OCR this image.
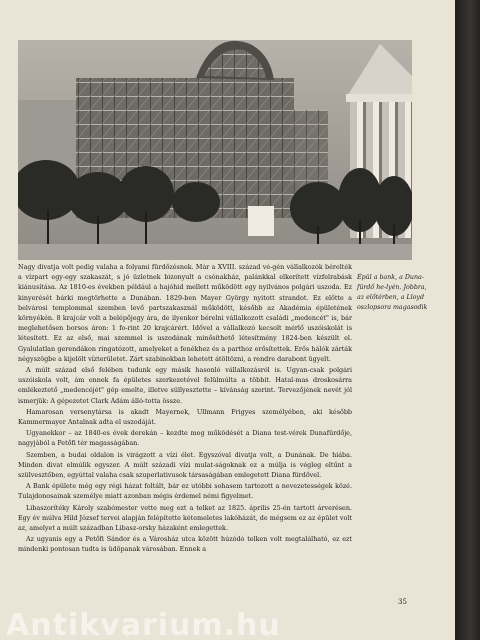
Nagy divatja volt pedig valaha a folyami fürdőzésnek. Már a XVIII. század vé-gén vállalkozók bérelték a vízpart egy-egy szakaszát, s jó üzletnek bizonyult a csónakház, palánkkal elkerített vízfelrabásk kiánusítása. Az 1810-es években például a hajóhid mellett működött egy nyilvános polgári uszoda. Ez kinyerését bárki megtörhette a Dunában. 1829-ben Mayer György nyitott strandot. Ez előtte a belvárosi templommal szemben levő partszakasznál működött, később az Akadémia épületének környékén. 8 krajcár volt a belépőjegy ára, de ilyenkor bérelni vállalkozott családi „medencét" is, bár meglehetősen borsos áron: 1 fo-rint 20 krajcárért. Idővel a vállalkozó kecsolt mérlő uszóiskolát is létesített. Ez az első, mai szemmel is uszodának minősíthető létesítmény 1824-ben készült el. Gyalulatlan gerendákon ringatózott, amelyeket a fenékhez és a parthoz erősítettek. Erős hálók zárták négyszögbe a kijelölt vízterületet. Zárt szabinokban lehetett átöltözni, a rendre darabont ügyelt.

A múlt század első felében tudunk egy másik hasonló vállalkozásról is. Ugyan-csak polgári uszóiskola volt, ám ennek fa épületes szerkezetével felülmúlta a többit. Hatal-mas droskosárra emlékeztető „medencéjét" gép emelte, illetve süllyesztette – kívánság szerint. Tervezőjének nevét jól ismerjük: A gépezetet Clark Ádám álló-totta össze.

Hamarosan versenytársa is akadt Mayernek, Ullmann Frigyes személyében, aki később Kammermayer Antalnak adta el uszodáját.

Ugyanekkor – az 1840-es évek derekán – kezdte meg működését a Diana test-vérek Dunafürdője, nagyjából a Petőfi tér magasságában.

Szemben, a budai oldalon is virágzott a vízi élet. Egyszóval divatja volt, a Dunának. De hiába. Minden divat elmúlik egyszer. A múlt századi vízi mulat-ságoknak ez a múlja is végleg eltűnt a szülvesztőben, egyúttal valaha csak szuperlativusok társaságában emlegetett Diana fürdővel.

A Bank épülete még egy régi házat foltált, bár ez utóbbi sohasem tartozott a nevezetességek közé. Tulajdonosainak személye miatt azonban mégis érdemel némi figyelmet.

Libaszorítéky Károly szabómester vette meg ezt a telket az 1825. április 25-én tartott árverésen. Egy év múlva Hild József tervei alapján felépítette kétemeletes lakóházát, de mégsem ez az épület volt az, amelyet a múlt században Libasz-orsky házaként emlegettek.

Az ugyanis egy a Petőfi Sándor és a Városház utca között húzódó telken volt megtalálható, ez ezt mindenki pontosan tudta is üdöpanak városában. Ennek a

Épül a bank, a Duna-fürdő he-lyén. Jobbra, az előtérben, a Lloyd oszlopsora magasodik
35
Antikvarium.hu
